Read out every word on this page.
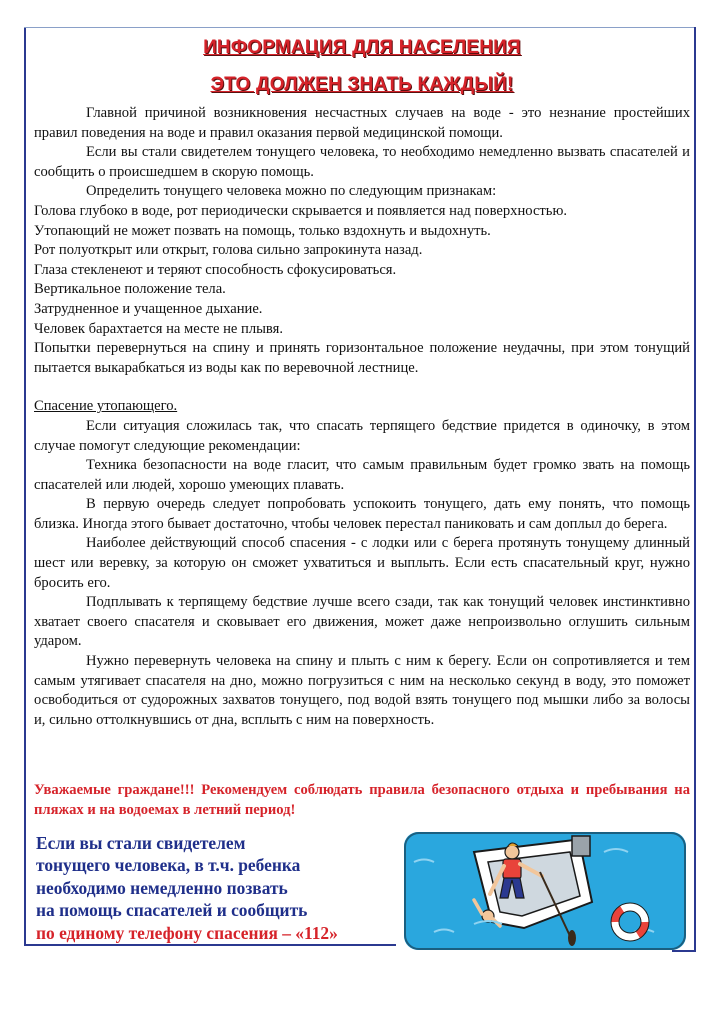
ИНФОРМАЦИЯ ДЛЯ НАСЕЛЕНИЯ
ЭТО ДОЛЖЕН ЗНАТЬ КАЖДЫЙ!

Главной причиной возникновения несчастных случаев на воде - это незнание простейших правил поведения на воде и правил оказания первой медицинской помощи.

Если вы стали свидетелем тонущего человека, то необходимо немедленно вызвать спасателей и сообщить о происшедшем в скорую помощь.

Определить тонущего человека можно по следующим признакам:

Голова глубоко в воде, рот периодически скрывается и появляется над поверхностью.

Утопающий не может позвать на помощь, только вздохнуть и выдохнуть.

Рот полуоткрыт или открыт, голова сильно запрокинута назад.

Глаза стекленеют и теряют способность сфокусироваться.

Вертикальное положение тела.

Затрудненное и учащенное дыхание.

Человек барахтается на месте не плывя.

Попытки перевернуться на спину и принять горизонтальное положение неудачны, при этом тонущий пытается выкарабкаться из воды как по веревочной лестнице.

Спасение утопающего.

Если ситуация сложилась так, что спасать терпящего бедствие придется в одиночку, в этом случае помогут следующие рекомендации:

Техника безопасности на воде гласит, что самым правильным будет громко звать на помощь спасателей или людей, хорошо умеющих плавать.

В первую очередь следует попробовать успокоить тонущего, дать ему понять, что помощь близка. Иногда этого бывает достаточно, чтобы человек перестал паниковать и сам доплыл до берега.

Наиболее действующий способ спасения - с лодки или с берега протянуть тонущему длинный шест или веревку, за которую он сможет ухватиться и выплыть. Если есть спасательный круг, нужно бросить его.

Подплывать к терпящему бедствие лучше всего сзади, так как тонущий человек инстинктивно хватает своего спасателя и сковывает его движения, может даже непроизвольно оглушить сильным ударом.

Нужно перевернуть человека на спину и плыть с ним к берегу. Если он сопротивляется и тем самым утягивает спасателя на дно, можно погрузиться с ним на несколько секунд в воду, это поможет освободиться от судорожных захватов тонущего, под водой взять тонущего под мышки либо за волосы и, сильно оттолкнувшись от дна, всплыть с ним на поверхность.

Уважаемые граждане!!! Рекомендуем соблюдать правила безопасного отдыха и пребывания на пляжах и на водоемах в летний период!

Если вы стали свидетелем

тонущего человека, в т.ч. ребенка

необходимо немедленно позвать

на помощь спасателей и сообщить

по единому телефону спасения – «112»
